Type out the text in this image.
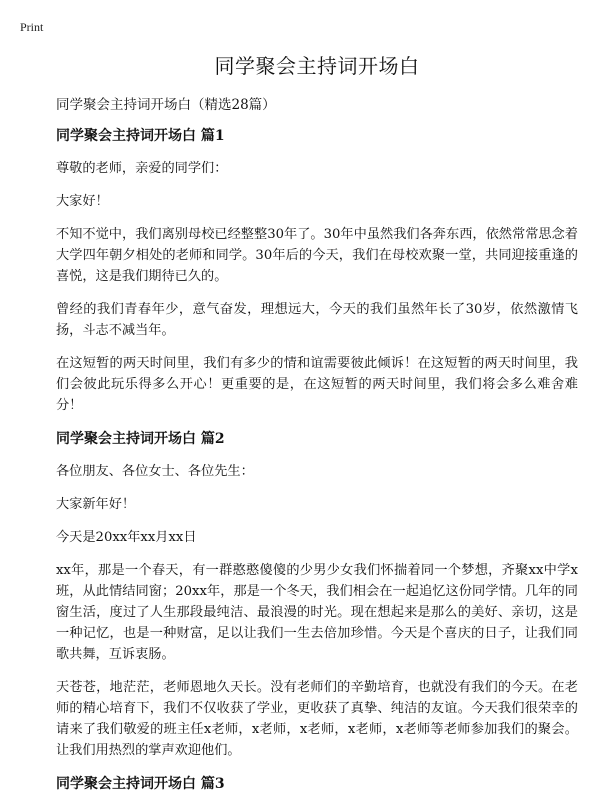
Print
同学聚会主持词开场白
同学聚会主持词开场白（精选28篇）
同学聚会主持词开场白 篇1
尊敬的老师，亲爱的同学们：
大家好！
不知不觉中，我们离别母校已经整整30年了。30年中虽然我们各奔东西，依然常常思念着大学四年朝夕相处的老师和同学。30年后的今天，我们在母校欢聚一堂，共同迎接重逢的喜悦，这是我们期待已久的。
曾经的我们青春年少，意气奋发，理想远大，今天的我们虽然年长了30岁，依然激情飞扬，斗志不减当年。
在这短暂的两天时间里，我们有多少的情和谊需要彼此倾诉！在这短暂的两天时间里，我们会彼此玩乐得多么开心！更重要的是，在这短暂的两天时间里，我们将会多么难舍难分！
同学聚会主持词开场白 篇2
各位朋友、各位女士、各位先生：
大家新年好！
今天是20xx年xx月xx日
xx年，那是一个春天，有一群憨憨傻傻的少男少女我们怀揣着同一个梦想，齐聚xx中学x班，从此情结同窗；20xx年，那是一个冬天，我们相会在一起追忆这份同学情。几年的同窗生活，度过了人生那段最纯洁、最浪漫的时光。现在想起来是那么的美好、亲切，这是一种记忆，也是一种财富，足以让我们一生去倍加珍惜。今天是个喜庆的日子，让我们同歌共舞，互诉衷肠。
天苍苍，地茫茫，老师恩地久天长。没有老师们的辛勤培育，也就没有我们的今天。在老师的精心培育下，我们不仅收获了学业，更收获了真挚、纯洁的友谊。今天我们很荣幸的请来了我们敬爱的班主任x老师，x老师，x老师，x老师，x老师等老师参加我们的聚会。让我们用热烈的掌声欢迎他们。
同学聚会主持词开场白 篇3
